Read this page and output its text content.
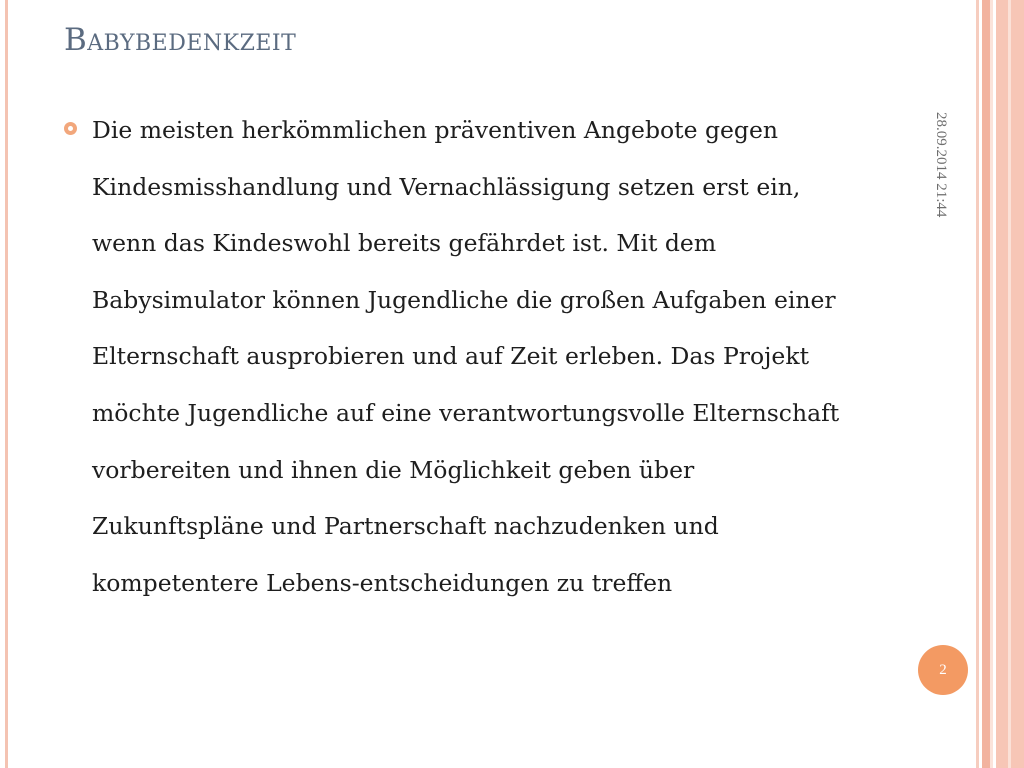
Babybedenkzeit

Die meisten herkömmlichen präventiven Angebote gegen Kindesmisshandlung und Vernachlässigung setzen erst ein, wenn das Kindeswohl bereits gefährdet ist. Mit dem Babysimulator können Jugendliche die großen Aufgaben einer Elternschaft ausprobieren und auf Zeit erleben. Das Projekt möchte Jugendliche auf eine verantwortungsvolle Elternschaft vorbereiten und ihnen die Möglichkeit geben über Zukunftspläne und Partnerschaft nachzudenken und kompetentere Lebens-entscheidungen zu treffen

28.09.2014 21:44
2
